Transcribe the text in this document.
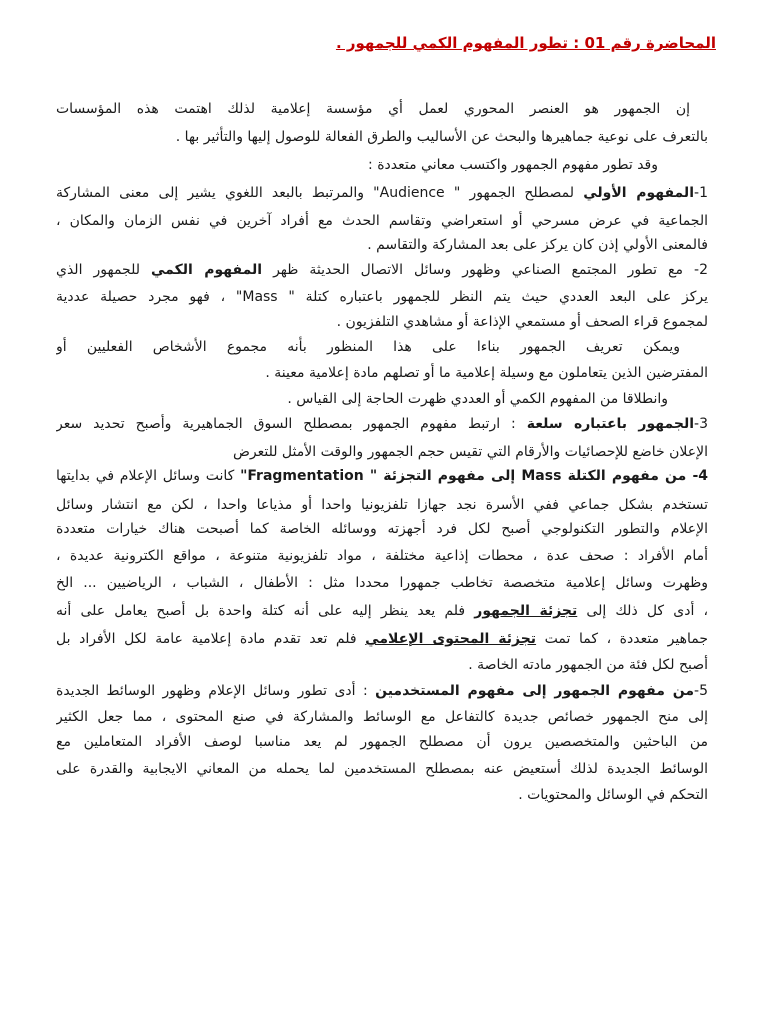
المحاضرة رقم 01 : تطور المفهوم الكمي للجمهور .
إن الجمهور هو العنصر المحوري لعمل أي مؤسسة إعلامية لذلك اهتمت هذه المؤسسات
بالتعرف على نوعية جماهيرها والبحث عن الأساليب والطرق الفعالة للوصول إليها والتأثير بها .
وقد تطور مفهوم الجمهور واكتسب معاني متعددة :
1-المفهوم الأولي لمصطلح الجمهور " Audience" والمرتبط بالبعد اللغوي يشير إلى معنى المشاركة
الجماعية في عرض مسرحي أو استعراضي وتقاسم الحدث مع أفراد آخرين في نفس الزمان والمكان ،
فالمعنى الأولي إذن كان يركز على بعد المشاركة والتقاسم .
2- مع تطور المجتمع الصناعي وظهور وسائل الاتصال الحديثة ظهر المفهوم الكمي للجمهور الذي
يركز على البعد العددي حيث يتم النظر للجمهور باعتباره كتلة " Mass" ، فهو مجرد حصيلة عددية
لمجموع قراء الصحف أو مستمعي الإذاعة أو مشاهدي التلفزيون .
ويمكن تعريف الجمهور بناءا على هذا المنظور بأنه مجموع الأشخاص الفعليين أو
المفترضين الذين يتعاملون مع وسيلة إعلامية ما أو تصلهم مادة إعلامية معينة .
وانطلاقا من المفهوم الكمي أو العددي ظهرت الحاجة إلى القياس .
3-الجمهور باعتباره سلعة : ارتبط مفهوم الجمهور بمصطلح السوق الجماهيرية وأصبح تحديد سعر
الإعلان خاضع للإحصائيات والأرقام التي تقيس حجم الجمهور والوقت الأمثل للتعرض
4- من مفهوم الكتلة Mass إلى مفهوم التجزئة " Fragmentation" كانت وسائل الإعلام في بدايتها
تستخدم بشكل جماعي ففي الأسرة نجد جهازا تلفزيونيا واحدا أو مذياعا واحدا ، لكن مع انتشار وسائل
الإعلام والتطور التكنولوجي أصبح لكل فرد أجهزته ووسائله الخاصة كما أصبحت هناك خيارات متعددة
أمام الأفراد : صحف عدة ، محطات إذاعية مختلفة ، مواد تلفزيونية متنوعة ، مواقع الكترونية عديدة ،
وظهرت وسائل إعلامية متخصصة تخاطب جمهورا محددا مثل : الأطفال ، الشباب ، الرياضيين ... الخ
، أدى كل ذلك إلى تجزئة الجمهور فلم يعد ينظر إليه على أنه كتلة واحدة بل أصبح يعامل على أنه
جماهير متعددة ، كما تمت تجزئة المحتوى الإعلامي فلم تعد تقدم مادة إعلامية عامة لكل الأفراد بل
أصبح لكل فئة من الجمهور مادته الخاصة .
5-من مفهوم الجمهور إلى مفهوم المستخدمين : أدى تطور وسائل الإعلام وظهور الوسائط الجديدة
إلى منح الجمهور خصائص جديدة كالتفاعل مع الوسائط والمشاركة في صنع المحتوى ، مما جعل الكثير
من الباحثين والمتخصصين يرون أن مصطلح الجمهور لم يعد مناسبا لوصف الأفراد المتعاملين مع
الوسائط الجديدة لذلك أستعيض عنه بمصطلح المستخدمين لما يحمله من المعاني الايجابية والقدرة على
التحكم في الوسائل والمحتويات .
